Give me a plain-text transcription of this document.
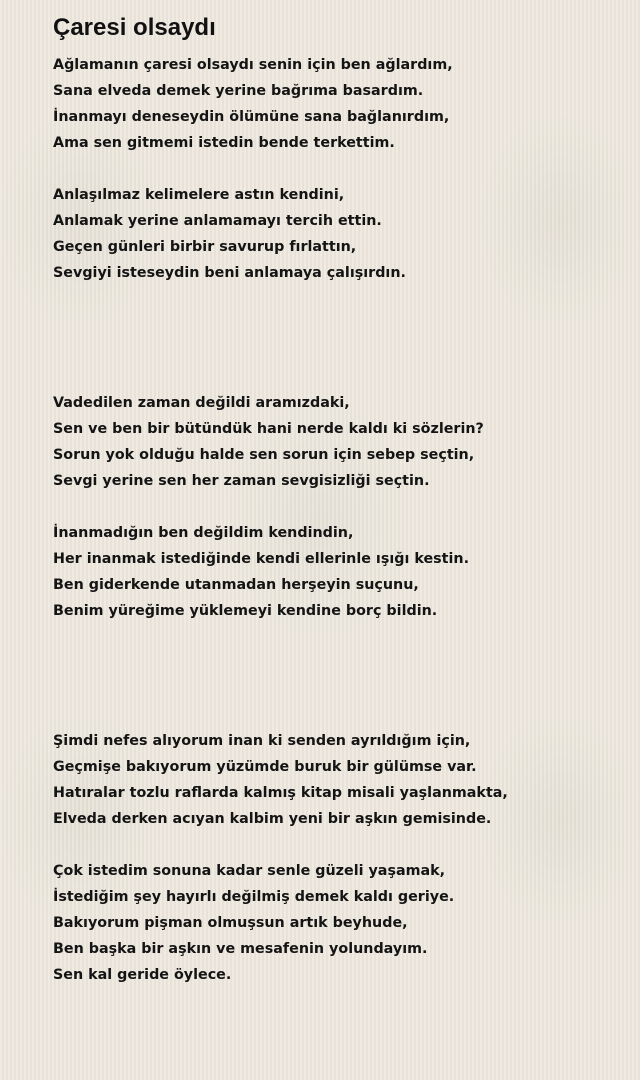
Çaresi olsaydı
Ağlamanın çaresi olsaydı senin için ben ağlardım,
Sana elveda demek yerine bağrıma basardım.
İnanmayı deneseydin ölümüne sana bağlanırdım,
Ama sen gitmemi istedin bende terkettim.
Anlaşılmaz kelimelere astın kendini,
Anlamak yerine anlamamayı tercih ettin.
Geçen günleri birbir savurup fırlattın,
Sevgiyi isteseydin beni anlamaya çalışırdın.
Vadedilen zaman değildi aramızdaki,
Sen ve ben bir bütündük hani nerde kaldı ki sözlerin?
Sorun yok olduğu halde sen sorun için sebep seçtin,
Sevgi yerine sen her zaman sevgisizliği seçtin.
İnanmadığın ben değildim kendindin,
Her inanmak istediğinde kendi ellerinle ışığı kestin.
Ben giderkende utanmadan herşeyin suçunu,
Benim yüreğime yüklemeyi kendine borç bildin.
Şimdi nefes alıyorum inan ki senden ayrıldığım için,
Geçmişe bakıyorum yüzümde buruk bir gülümse var.
Hatıralar tozlu raflarda kalmış kitap misali yaşlanmakta,
Elveda derken acıyan kalbim yeni bir aşkın gemisinde.
Çok istedim sonuna kadar senle güzeli yaşamak,
İstediğim şey hayırlı değilmiş demek kaldı geriye.
Bakıyorum pişman olmuşsun artık beyhude,
Ben başka bir aşkın ve mesafenin yolundayım.
Sen kal geride öylece.
